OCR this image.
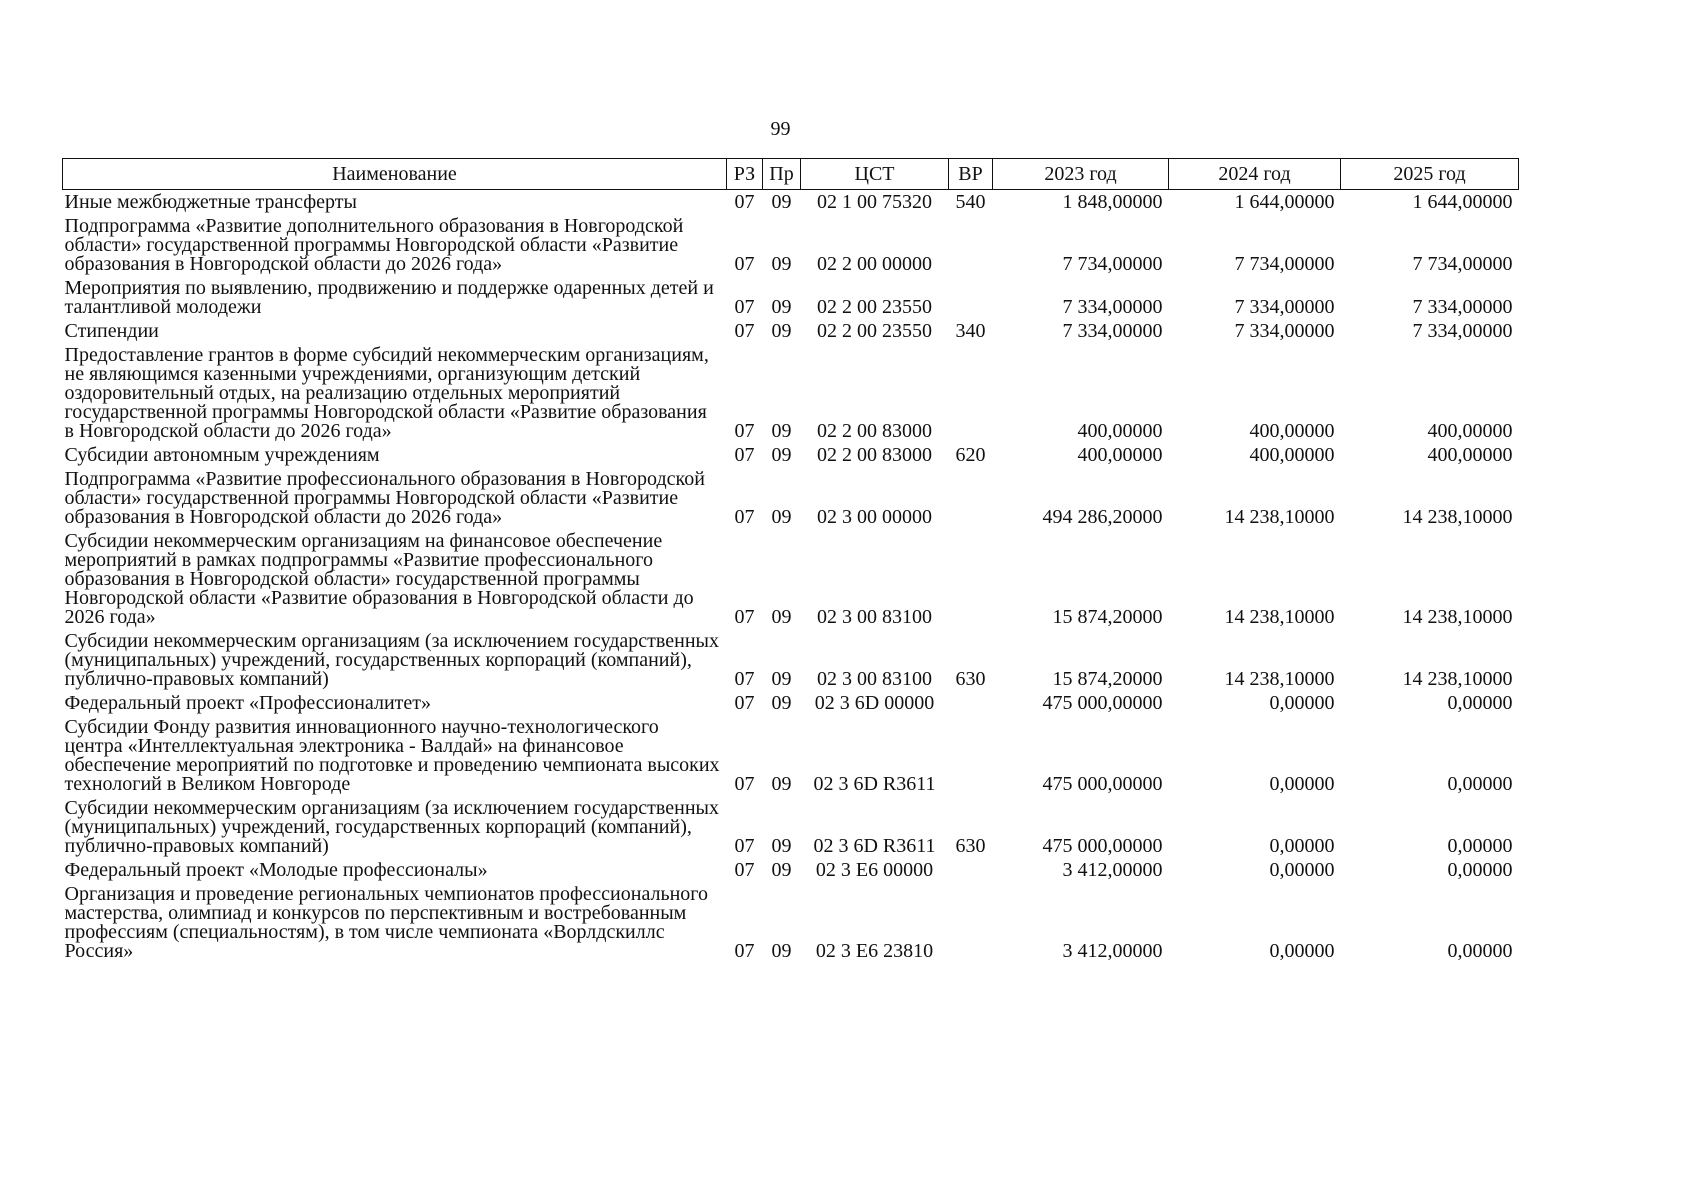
99
Наименование	РЗ	Пр	ЦСТ	ВР	2023 год	2024 год	2025 год
Иные межбюджетные трансферты	07	09	02 1 00 75320	540	1 848,00000	1 644,00000	1 644,00000
Подпрограмма «Развитие дополнительного образования в Новгородской области» государственной программы Новгородской области «Развитие образования в Новгородской области до 2026 года»	07	09	02 2 00 00000		7 734,00000	7 734,00000	7 734,00000
Мероприятия по выявлению, продвижению и поддержке одаренных детей и талантливой молодежи	07	09	02 2 00 23550		7 334,00000	7 334,00000	7 334,00000
Стипендии	07	09	02 2 00 23550	340	7 334,00000	7 334,00000	7 334,00000
Предоставление грантов в форме субсидий некоммерческим организациям, не являющимся казенными учреждениями, организующим детский оздоровительный отдых, на реализацию отдельных мероприятий государственной программы Новгородской области «Развитие образования в Новгородской области до 2026 года»	07	09	02 2 00 83000		400,00000	400,00000	400,00000
Субсидии автономным учреждениям	07	09	02 2 00 83000	620	400,00000	400,00000	400,00000
Подпрограмма «Развитие профессионального образования в Новгородской области» государственной программы Новгородской области «Развитие образования в Новгородской области до 2026 года»	07	09	02 3 00 00000		494 286,20000	14 238,10000	14 238,10000
Субсидии некоммерческим организациям на финансовое обеспечение мероприятий в рамках подпрограммы «Развитие профессионального образования в Новгородской области» государственной программы Новгородской области «Развитие образования в Новгородской области до 2026 года»	07	09	02 3 00 83100		15 874,20000	14 238,10000	14 238,10000
Субсидии некоммерческим организациям (за исключением государственных (муниципальных) учреждений, государственных корпораций (компаний), публично-правовых компаний)	07	09	02 3 00 83100	630	15 874,20000	14 238,10000	14 238,10000
Федеральный проект «Профессионалитет»	07	09	02 3 6D 00000		475 000,00000	0,00000	0,00000
Субсидии Фонду развития инновационного научно-технологического центра «Интеллектуальная электроника - Валдай» на финансовое обеспечение мероприятий по подготовке и проведению чемпионата высоких технологий в Великом Новгороде	07	09	02 3 6D R3611		475 000,00000	0,00000	0,00000
Субсидии некоммерческим организациям (за исключением государственных (муниципальных) учреждений, государственных корпораций (компаний), публично-правовых компаний)	07	09	02 3 6D R3611	630	475 000,00000	0,00000	0,00000
Федеральный проект «Молодые профессионалы»	07	09	02 3 E6 00000		3 412,00000	0,00000	0,00000
Организация и проведение региональных чемпионатов профессионального мастерства, олимпиад и конкурсов по перспективным и востребованным профессиям (специальностям), в том числе чемпионата «Ворлдскиллс Россия»	07	09	02 3 E6 23810		3 412,00000	0,00000	0,00000
